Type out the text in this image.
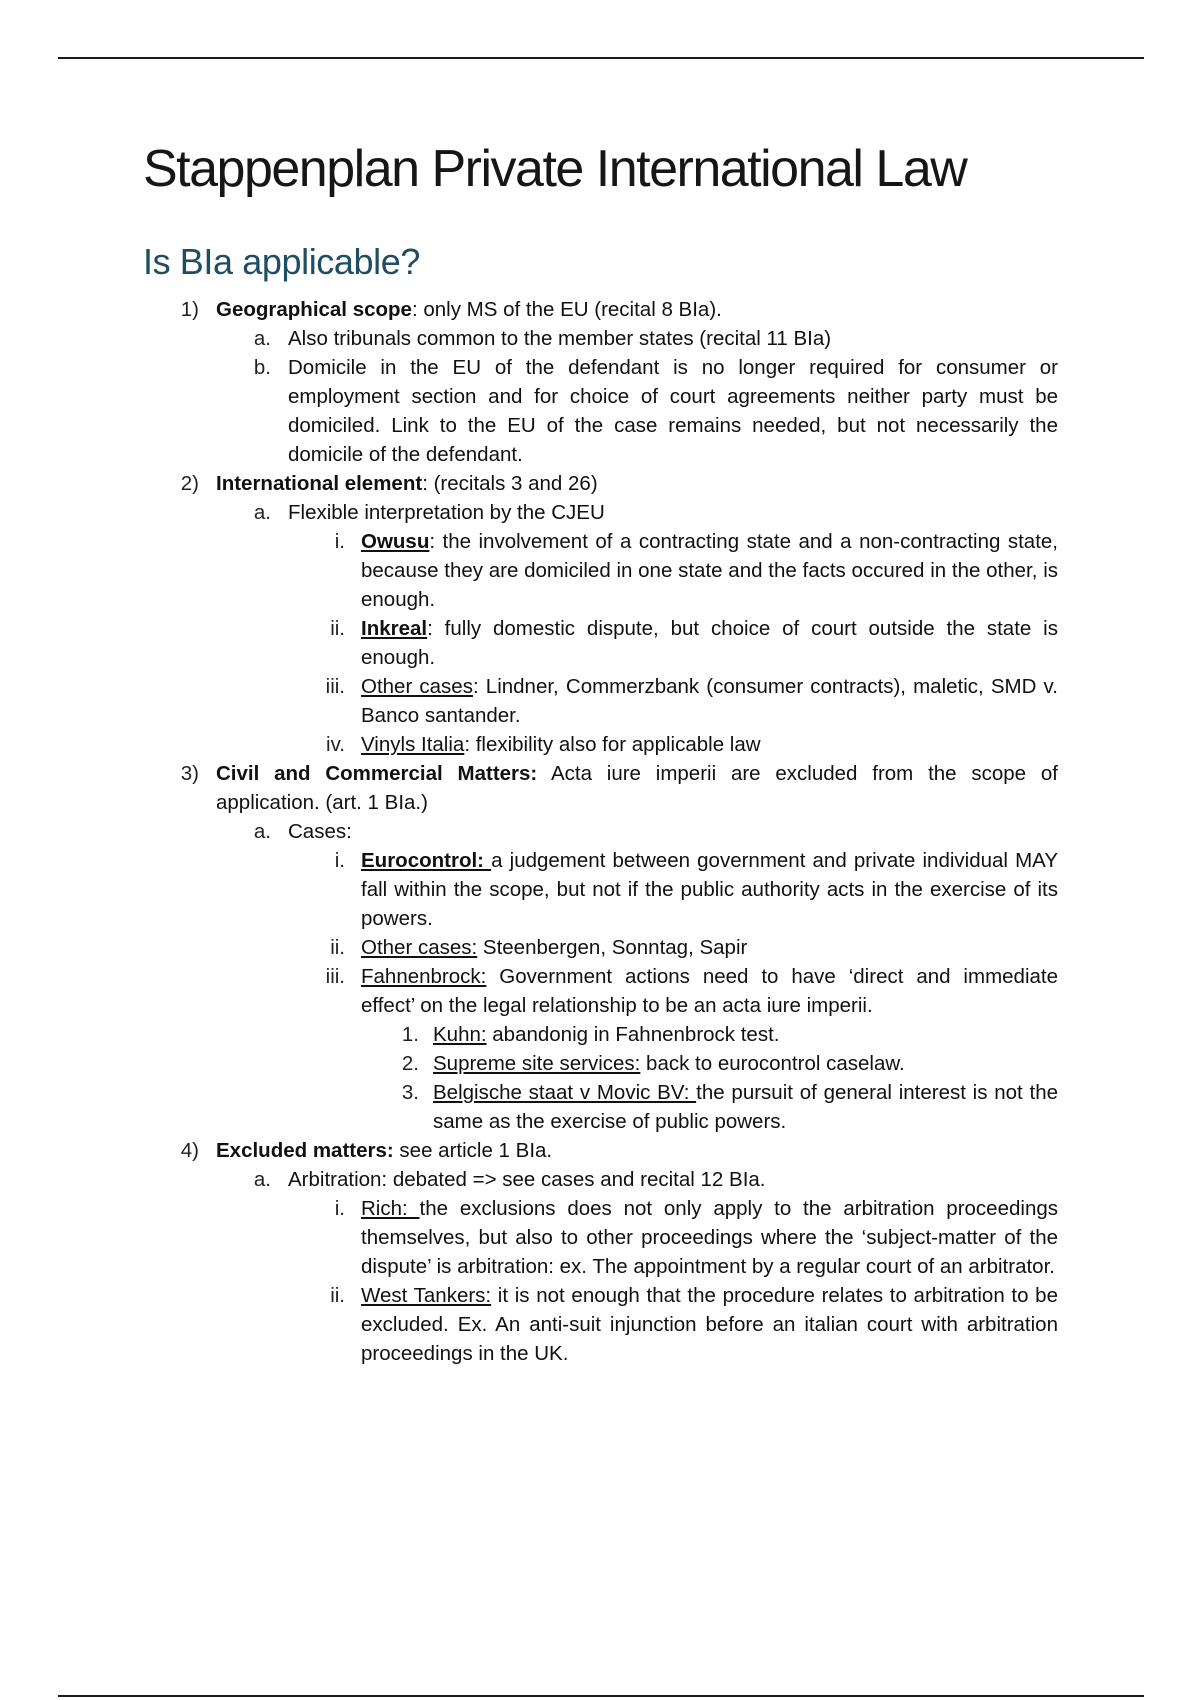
Stappenplan Private International Law
Is BIa applicable?
1) Geographical scope: only MS of the EU (recital 8 BIa).
a. Also tribunals common to the member states (recital 11 BIa)
b. Domicile in the EU of the defendant is no longer required for consumer or employment section and for choice of court agreements neither party must be domiciled. Link to the EU of the case remains needed, but not necessarily the domicile of the defendant.
2) International element: (recitals 3 and 26)
a. Flexible interpretation by the CJEU
i. Owusu: the involvement of a contracting state and a non-contracting state, because they are domiciled in one state and the facts occured in the other, is enough.
ii. Inkreal: fully domestic dispute, but choice of court outside the state is enough.
iii. Other cases: Lindner, Commerzbank (consumer contracts), maletic, SMD v. Banco santander.
iv. Vinyls Italia: flexibility also for applicable law
3) Civil and Commercial Matters: Acta iure imperii are excluded from the scope of application. (art. 1 BIa.)
a. Cases:
i. Eurocontrol: a judgement between government and private individual MAY fall within the scope, but not if the public authority acts in the exercise of its powers.
ii. Other cases: Steenbergen, Sonntag, Sapir
iii. Fahnenbrock: Government actions need to have ‘direct and immediate effect’ on the legal relationship to be an acta iure imperii.
1. Kuhn: abandonig in Fahnenbrock test.
2. Supreme site services: back to eurocontrol caselaw.
3. Belgische staat v Movic BV: the pursuit of general interest is not the same as the exercise of public powers.
4) Excluded matters: see article 1 BIa.
a. Arbitration: debated => see cases and recital 12 BIa.
i. Rich: the exclusions does not only apply to the arbitration proceedings themselves, but also to other proceedings where the ‘subject-matter of the dispute’ is arbitration: ex. The appointment by a regular court of an arbitrator.
ii. West Tankers: it is not enough that the procedure relates to arbitration to be excluded. Ex. An anti-suit injunction before an italian court with arbitration proceedings in the UK.
